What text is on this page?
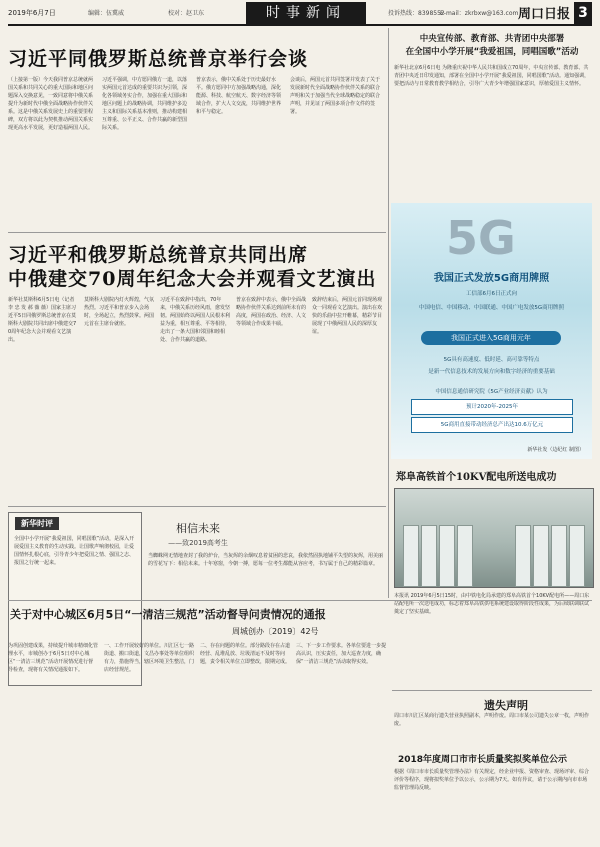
2019年6月7日	编辑：伍冀威	校对：赵卫东	时事新闻	投诉热线：8398552
E-mail：zkrbxw@163.com 周口日报 3
习近平同俄罗斯总统普京举行会谈
（上接第一版）今天我同普京总统就两国关系和共同关心的重大国际和地区问题深入交换意见，一致同意将中俄关系提升为新时代中俄全面战略协作伙伴关系。这是中俄关系发展史上的重要里程碑，双方将以此为契机推动两国关系实现更高水平发展，更好造福两国人民。
习近平强调，中方愿同俄方一道，以落实两国元首达成的重要共识为引领，深化各领域务实合作，加强在重大国际和地区问题上的战略协调，共同维护多边主义和国际关系基本准则，推动构建相互尊重、公平正义、合作共赢的新型国际关系。
普京表示，俄中关系处于历史最好水平。俄方愿同中方加强战略沟通，深化能源、科技、航空航天、数字经济等领域合作，扩大人文交流，共同维护世界和平与稳定。
会谈后，两国元首共同签署并发表了关于发展新时代全面战略协作伙伴关系的联合声明和关于加强当代全球战略稳定的联合声明，并见证了两国多项合作文件的签署。
中央宣传部、教育部、共青团中央部署
在全国中小学开展“我爱祖国，同唱国歌”活动
新华社北京6月6日电 为隆重庆祝中华人民共和国成立70周年，中央宣传部、教育部、共青团中央近日印发通知，部署在全国中小学开展“我爱祖国，同唱国歌”活动。通知强调，要把活动与日常教育教学相结合，引导广大青少年增强国家意识，厚植爱国主义情怀。
习近平和俄罗斯总统普京共同出席
中俄建交70周年纪念大会并观看文艺演出
新华社莫斯科6月5日电（记者 李 忠 发 郝 薇 薇）国家主席习近平5日同俄罗斯总统普京在莫斯科大剧院共同出席中俄建交70周年纪念大会并观看文艺演出。
莫斯科大剧院内灯火辉煌，气氛热烈。习近平和普京步入会场时，全场起立，热烈鼓掌。两国元首在主席台就座。
习近平在致辞中指出，70年来，中俄关系历经风雨，愈发坚韧。两国始终以两国人民根本利益为重，相互尊重、平等相待，走出了一条大国和邻国和睦相处、合作共赢的道路。
普京在致辞中表示，俄中全面战略协作伙伴关系达到前所未有的高度，两国在政治、经济、人文等领域合作成果丰硕。
致辞结束后，两国元首同现场观众一同观看文艺演出。演出在欢快的乐曲中拉开帷幕，精彩节目展现了中俄两国人民的深厚友谊。
5G
我国正式发放5G商用牌照
工信部6月6日正式向
中国电信、中国移动、中国联通、中国广电发放5G商用牌照
我国正式进入5G商用元年
5G具有高速度、低时延、高可靠等特点
是新一代信息技术的发展方向和数字经济的重要基础
中国信息通信研究院《5G产业经济贡献》认为
预计2020年-2025年
5G商用直接带动经济总产出达10.6万亿元
新华社发（边纪红 制图）
郑阜高铁首个10KV配电所送电成功
本报讯 2019年6月5日15时，由中铁电化局承建的郑阜高铁首个10KV配电所——周口东站配电所一次送电成功，标志着郑阜高铁供电系统建设取得阶段性成果，为后续联调联试奠定了坚实基础。
新华时评
全国中小学开展“我爱祖国，同唱国歌”活动，是深入开展爱国主义教育的生动实践。让国歌声响彻校园，让爱国情怀扎根心底，引导青少年把爱国之情、强国之志、报国之行统一起来。
相信未来
——致2019高考生
当蜘蛛网无情地查封了我的炉台，当灰烬的余烟叹息着贫困的悲哀，我依然固执地铺平失望的灰烬，用美丽的雪花写下：相信未来。十年寒窗，今朝一搏，愿每一位考生都能从容应考，书写属于自己的精彩篇章。
关于对中心城区6月5日“一清洁三规范”活动督导问责情况的通报
周城创办〔2019〕42号
为巩固创建成果，持续提升城市精细化管理水平，市城创办于6月5日对中心城区“一清洁三规范”活动开展情况进行督导检查，现将有关情况通报如下。
一、工作开展较好的单位。川汇区七一路街道、搬口街道，文昌办事处等单位组织有力，措施得当，辖区环境卫生整洁，门店经营规范。
二、存在问题的单位。部分路段存在占道经营、乱堆乱放、垃圾清运不及时等问题，责令相关单位立即整改，限期完成。
三、下一步工作要求。各单位要进一步提高认识，压实责任，加大巡查力度，确保“一清洁三规范”活动取得实效。
遗失声明
周口市川汇区某商行遗失营业执照副本，声明作废。周口市某公司遗失公章一枚，声明作废。
2018年度周口市市长质量奖拟奖单位公示
根据《周口市市长质量奖管理办法》有关规定，经企业申报、资格审查、现场评审、综合评价等程序，现将拟奖单位予以公示，公示期为7天。如有异议，请于公示期内向市市场监督管理局反映。
